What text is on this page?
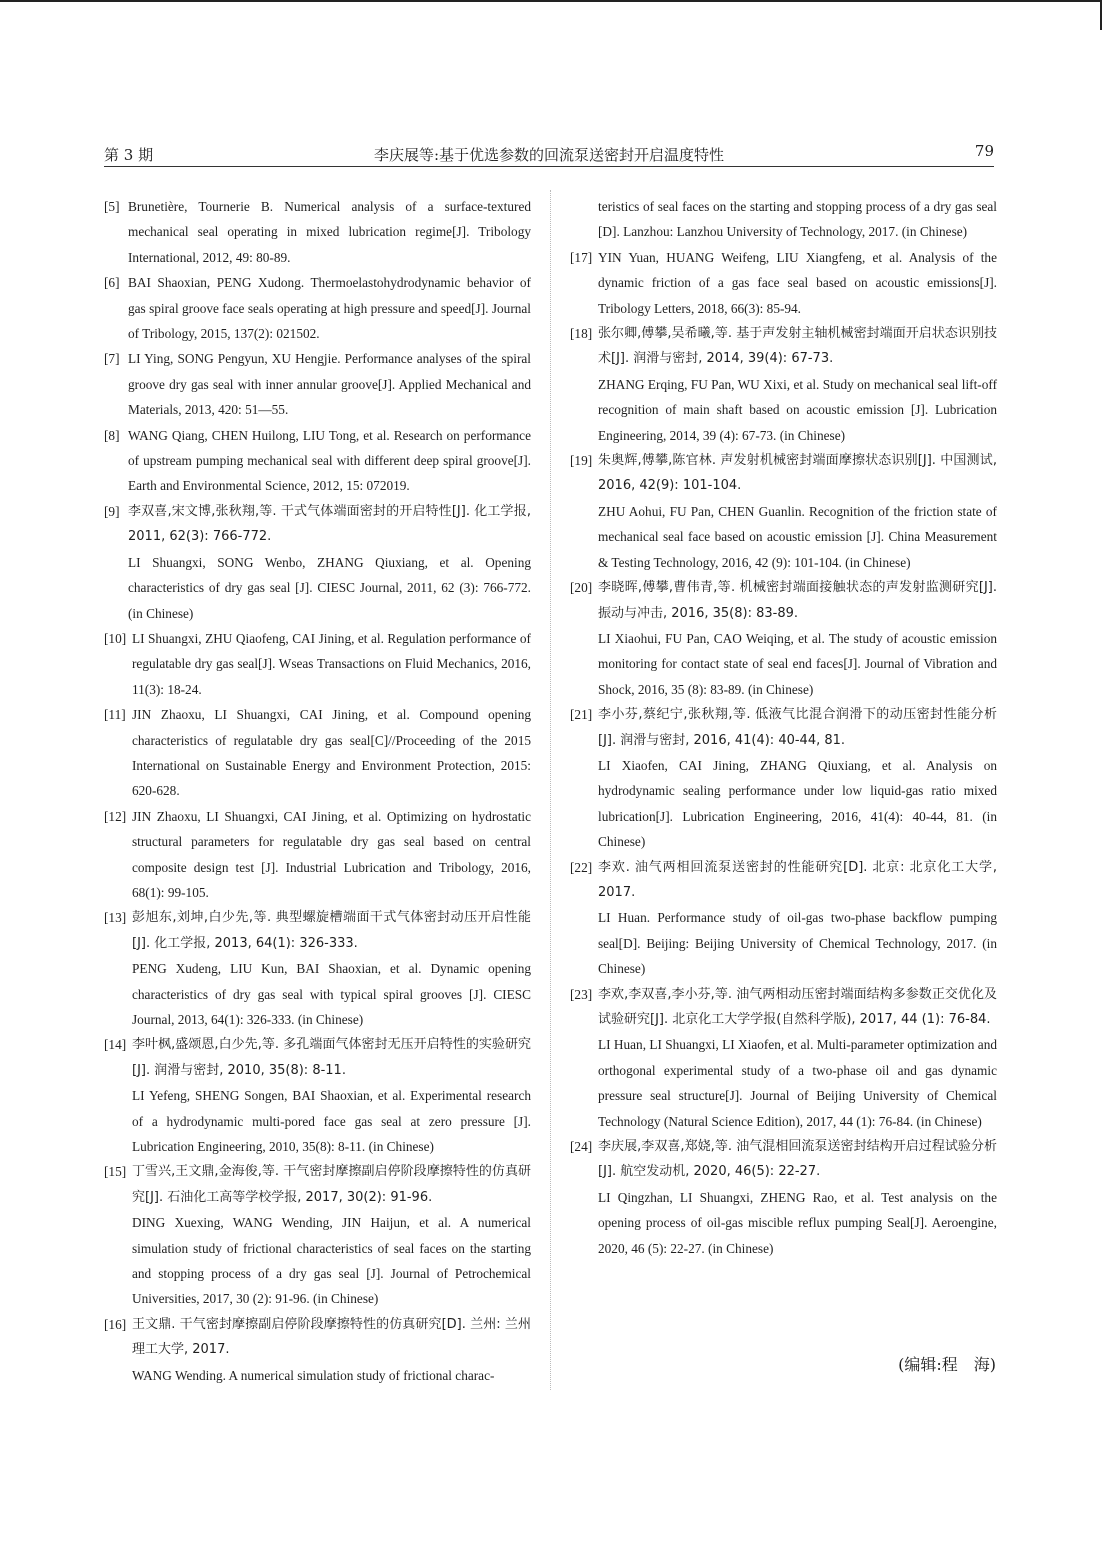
第 3 期	李庆展等:基于优选参数的回流泵送密封开启温度特性	79
[5] Brunetière, Tournerie B. Numerical analysis of a surface-textured mechanical seal operating in mixed lubrication regime[J]. Tribology International, 2012, 49: 80-89.

[6] BAI Shaoxian, PENG Xudong. Thermoelastohydrodynamic behavior of gas spiral groove face seals operating at high pressure and speed[J]. Journal of Tribology, 2015, 137(2): 021502.

[7] LI Ying, SONG Pengyun, XU Hengjie. Performance analyses of the spiral groove dry gas seal with inner annular groove[J]. Applied Mechanical and Materials, 2013, 420: 51—55.

[8] WANG Qiang, CHEN Huilong, LIU Tong, et al. Research on performance of upstream pumping mechanical seal with different deep spiral groove[J]. Earth and Environmental Science, 2012, 15: 072019.

[9] 李双喜,宋文博,张秋翔,等. 干式气体端面密封的开启特性[J]. 化工学报, 2011, 62(3): 766-772.

LI Shuangxi, SONG Wenbo, ZHANG Qiuxiang, et al. Opening characteristics of dry gas seal [J]. CIESC Journal, 2011, 62 (3): 766-772. (in Chinese)

[10] LI Shuangxi, ZHU Qiaofeng, CAI Jining, et al. Regulation performance of regulatable dry gas seal[J]. Wseas Transactions on Fluid Mechanics, 2016, 11(3): 18-24.

[11] JIN Zhaoxu, LI Shuangxi, CAI Jining, et al. Compound opening characteristics of regulatable dry gas seal[C]//Proceeding of the 2015 International on Sustainable Energy and Environment Protection, 2015: 620-628.

[12] JIN Zhaoxu, LI Shuangxi, CAI Jining, et al. Optimizing on hydrostatic structural parameters for regulatable dry gas seal based on central composite design test [J]. Industrial Lubrication and Tribology, 2016, 68(1): 99-105.

[13] 彭旭东,刘坤,白少先,等. 典型螺旋槽端面干式气体密封动压开启性能[J]. 化工学报, 2013, 64(1): 326-333.

PENG Xudeng, LIU Kun, BAI Shaoxian, et al. Dynamic opening characteristics of dry gas seal with typical spiral grooves [J]. CIESC Journal, 2013, 64(1): 326-333. (in Chinese)

[14] 李叶枫,盛颂恩,白少先,等. 多孔端面气体密封无压开启特性的实验研究[J]. 润滑与密封, 2010, 35(8): 8-11.

LI Yefeng, SHENG Songen, BAI Shaoxian, et al. Experimental research of a hydrodynamic multi-pored face gas seal at zero pressure [J]. Lubrication Engineering, 2010, 35(8): 8-11. (in Chinese)

[15] 丁雪兴,王文鼎,金海俊,等. 干气密封摩擦副启停阶段摩擦特性的仿真研究[J]. 石油化工高等学校学报, 2017, 30(2): 91-96.

DING Xuexing, WANG Wending, JIN Haijun, et al. A numerical simulation study of frictional characteristics of seal faces on the starting and stopping process of a dry gas seal [J]. Journal of Petrochemical Universities, 2017, 30 (2): 91-96. (in Chinese)

[16] 王文鼎. 干气密封摩擦副启停阶段摩擦特性的仿真研究[D]. 兰州: 兰州理工大学, 2017.

WANG Wending. A numerical simulation study of frictional charac-

teristics of seal faces on the starting and stopping process of a dry gas seal [D]. Lanzhou: Lanzhou University of Technology, 2017. (in Chinese)

[17] YIN Yuan, HUANG Weifeng, LIU Xiangfeng, et al. Analysis of the dynamic friction of a gas face seal based on acoustic emissions[J]. Tribology Letters, 2018, 66(3): 85-94.

[18] 张尔卿,傅攀,吴希曦,等. 基于声发射主轴机械密封端面开启状态识别技术[J]. 润滑与密封, 2014, 39(4): 67-73.

ZHANG Erqing, FU Pan, WU Xixi, et al. Study on mechanical seal lift-off recognition of main shaft based on acoustic emission [J]. Lubrication Engineering, 2014, 39 (4): 67-73. (in Chinese)

[19] 朱奥辉,傅攀,陈官林. 声发射机械密封端面摩擦状态识别[J]. 中国测试, 2016, 42(9): 101-104.

ZHU Aohui, FU Pan, CHEN Guanlin. Recognition of the friction state of mechanical seal face based on acoustic emission [J]. China Measurement & Testing Technology, 2016, 42 (9): 101-104. (in Chinese)

[20] 李晓晖,傅攀,曹伟青,等. 机械密封端面接触状态的声发射监测研究[J]. 振动与冲击, 2016, 35(8): 83-89.

LI Xiaohui, FU Pan, CAO Weiqing, et al. The study of acoustic emission monitoring for contact state of seal end faces[J]. Journal of Vibration and Shock, 2016, 35 (8): 83-89. (in Chinese)

[21] 李小芬,蔡纪宁,张秋翔,等. 低液气比混合润滑下的动压密封性能分析[J]. 润滑与密封, 2016, 41(4): 40-44, 81.

LI Xiaofen, CAI Jining, ZHANG Qiuxiang, et al. Analysis on hydrodynamic sealing performance under low liquid-gas ratio mixed lubrication[J]. Lubrication Engineering, 2016, 41(4): 40-44, 81. (in Chinese)

[22] 李欢. 油气两相回流泵送密封的性能研究[D]. 北京: 北京化工大学, 2017.

LI Huan. Performance study of oil-gas two-phase backflow pumping seal[D]. Beijing: Beijing University of Chemical Technology, 2017. (in Chinese)

[23] 李欢,李双喜,李小芬,等. 油气两相动压密封端面结构多参数正交优化及试验研究[J]. 北京化工大学学报(自然科学版), 2017, 44 (1): 76-84.

LI Huan, LI Shuangxi, LI Xiaofen, et al. Multi-parameter optimization and orthogonal experimental study of a two-phase oil and gas dynamic pressure seal structure[J]. Journal of Beijing University of Chemical Technology (Natural Science Edition), 2017, 44 (1): 76-84. (in Chinese)

[24] 李庆展,李双喜,郑娆,等. 油气混相回流泵送密封结构开启过程试验分析[J]. 航空发动机, 2020, 46(5): 22-27.

LI Qingzhan, LI Shuangxi, ZHENG Rao, et al. Test analysis on the opening process of oil-gas miscible reflux pumping Seal[J]. Aeroengine, 2020, 46 (5): 22-27. (in Chinese)

(编辑:程　海)
